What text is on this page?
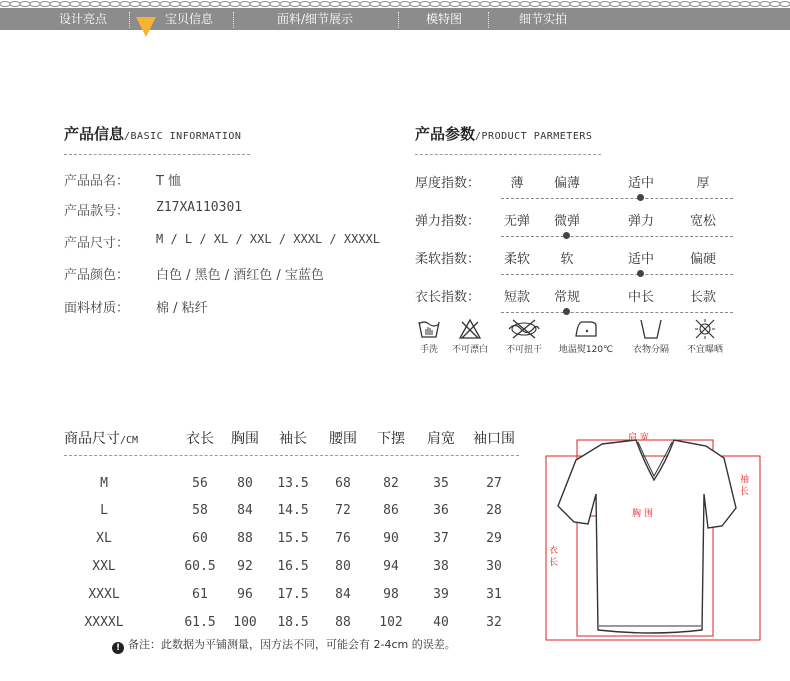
设计亮点	宝贝信息	面料/细节展示	模特图	细节实拍
产品信息/BASIC INFORMATION
产品品名： T 恤
产品款号： Z17XA110301
产品尺寸： M / L / XL / XXL / XXXL / XXXXL
产品颜色： 白色 / 黑色 / 酒红色 / 宝蓝色
面料材质： 棉 / 粘纤
产品参数/PRODUCT PARMETERS
厚度指数：	薄	偏薄	适中	厚
弹力指数：	无弹	微弹	弹力	宽松
柔软指数：	柔软	软	适中	偏硬
衣长指数：	短款	常规	中长	长款
手洗	不可漂白	不可扭干	地温熨120℃	衣物分隔	不宜曝晒
商品尺寸/CM	衣长	胸围	袖长	腰围	下摆	肩宽	袖口围
M	56	80	13.5	68	82	35	27
L	58	84	14.5	72	86	36	28
XL	60	88	15.5	76	90	37	29
XXL	60.5	92	16.5	80	94	38	30
XXXL	61	96	17.5	84	98	39	31
XXXXL	61.5	100	18.5	88	102	40	32
! 备注：此数据为平铺测量，因方法不同，可能会有 2-4cm 的误差。
肩宽
胸围
衣长
袖长
